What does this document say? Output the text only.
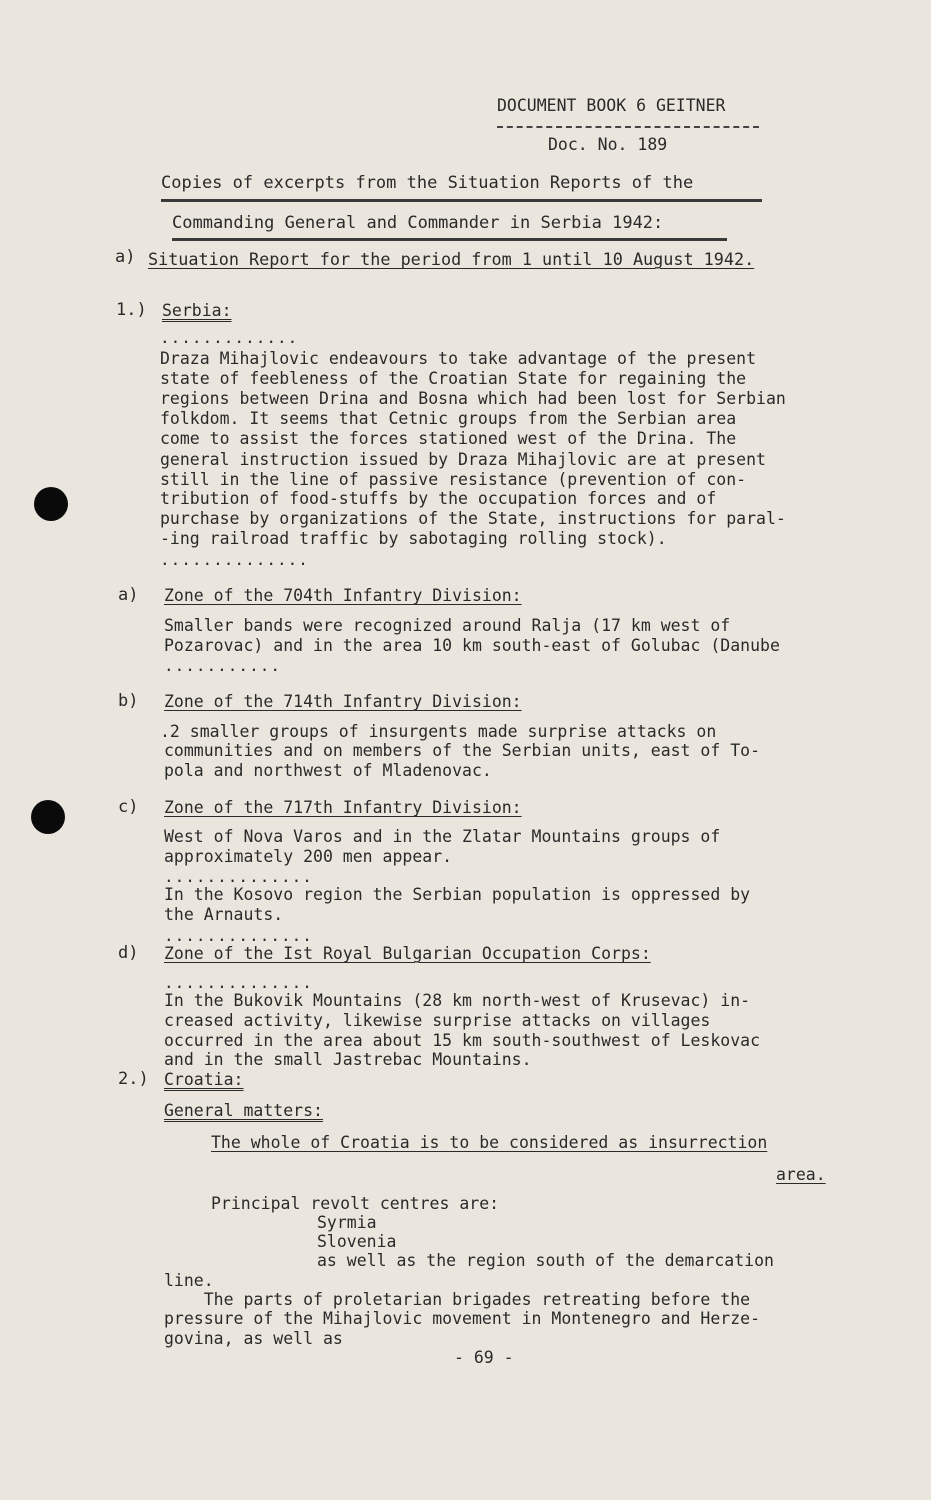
DOCUMENT BOOK 6 GEITNER
Doc. No. 189
Copies of excerpts from the Situation Reports of the
Commanding General and Commander in Serbia 1942:
a) Situation Report for the period from 1 until 10 August 1942.
1.) Serbia:
.............
Draza Mihajlovic endeavours to take advantage of the present
state of feebleness of the Croatian State for regaining the
regions between Drina and Bosna which had been lost for Serbian
folkdom. It seems that Cetnic groups from the Serbian area
come to assist the forces stationed west of the Drina. The
general instruction issued by Draza Mihajlovic are at present
still in the line of passive resistance (prevention of con-
tribution of food-stuffs by the occupation forces and of
purchase by organizations of the State, instructions for paral-
-ing railroad traffic by sabotaging rolling stock).
..............
a) Zone of the 704th Infantry Division:
Smaller bands were recognized around Ralja (17 km west of
Pozarovac) and in the area 10 km south-east of Golubac (Danube
...........
b) Zone of the 714th Infantry Division:
.2 smaller groups of insurgents made surprise attacks on
communities and on members of the Serbian units, east of To-
pola and northwest of Mladenovac.
c) Zone of the 717th Infantry Division:
West of Nova Varos and in the Zlatar Mountains groups of
approximately 200 men appear.
..............
In the Kosovo region the Serbian population is oppressed by
the Arnauts.
..............
d) Zone of the Ist Royal Bulgarian Occupation Corps:
..............
In the Bukovik Mountains (28 km north-west of Krusevac) in-
creased activity, likewise surprise attacks on villages
occurred in the area about 15 km south-southwest of Leskovac
and in the small Jastrebac Mountains.
2.) Croatia:
General matters:
The whole of Croatia is to be considered as insurrection
area.
Principal revolt centres are:
Syrmia
Slovenia
as well as the region south of the demarcation
line.
The parts of proletarian brigades retreating before the
pressure of the Mihajlovic movement in Montenegro and Herze-
govina, as well as
- 69 -
